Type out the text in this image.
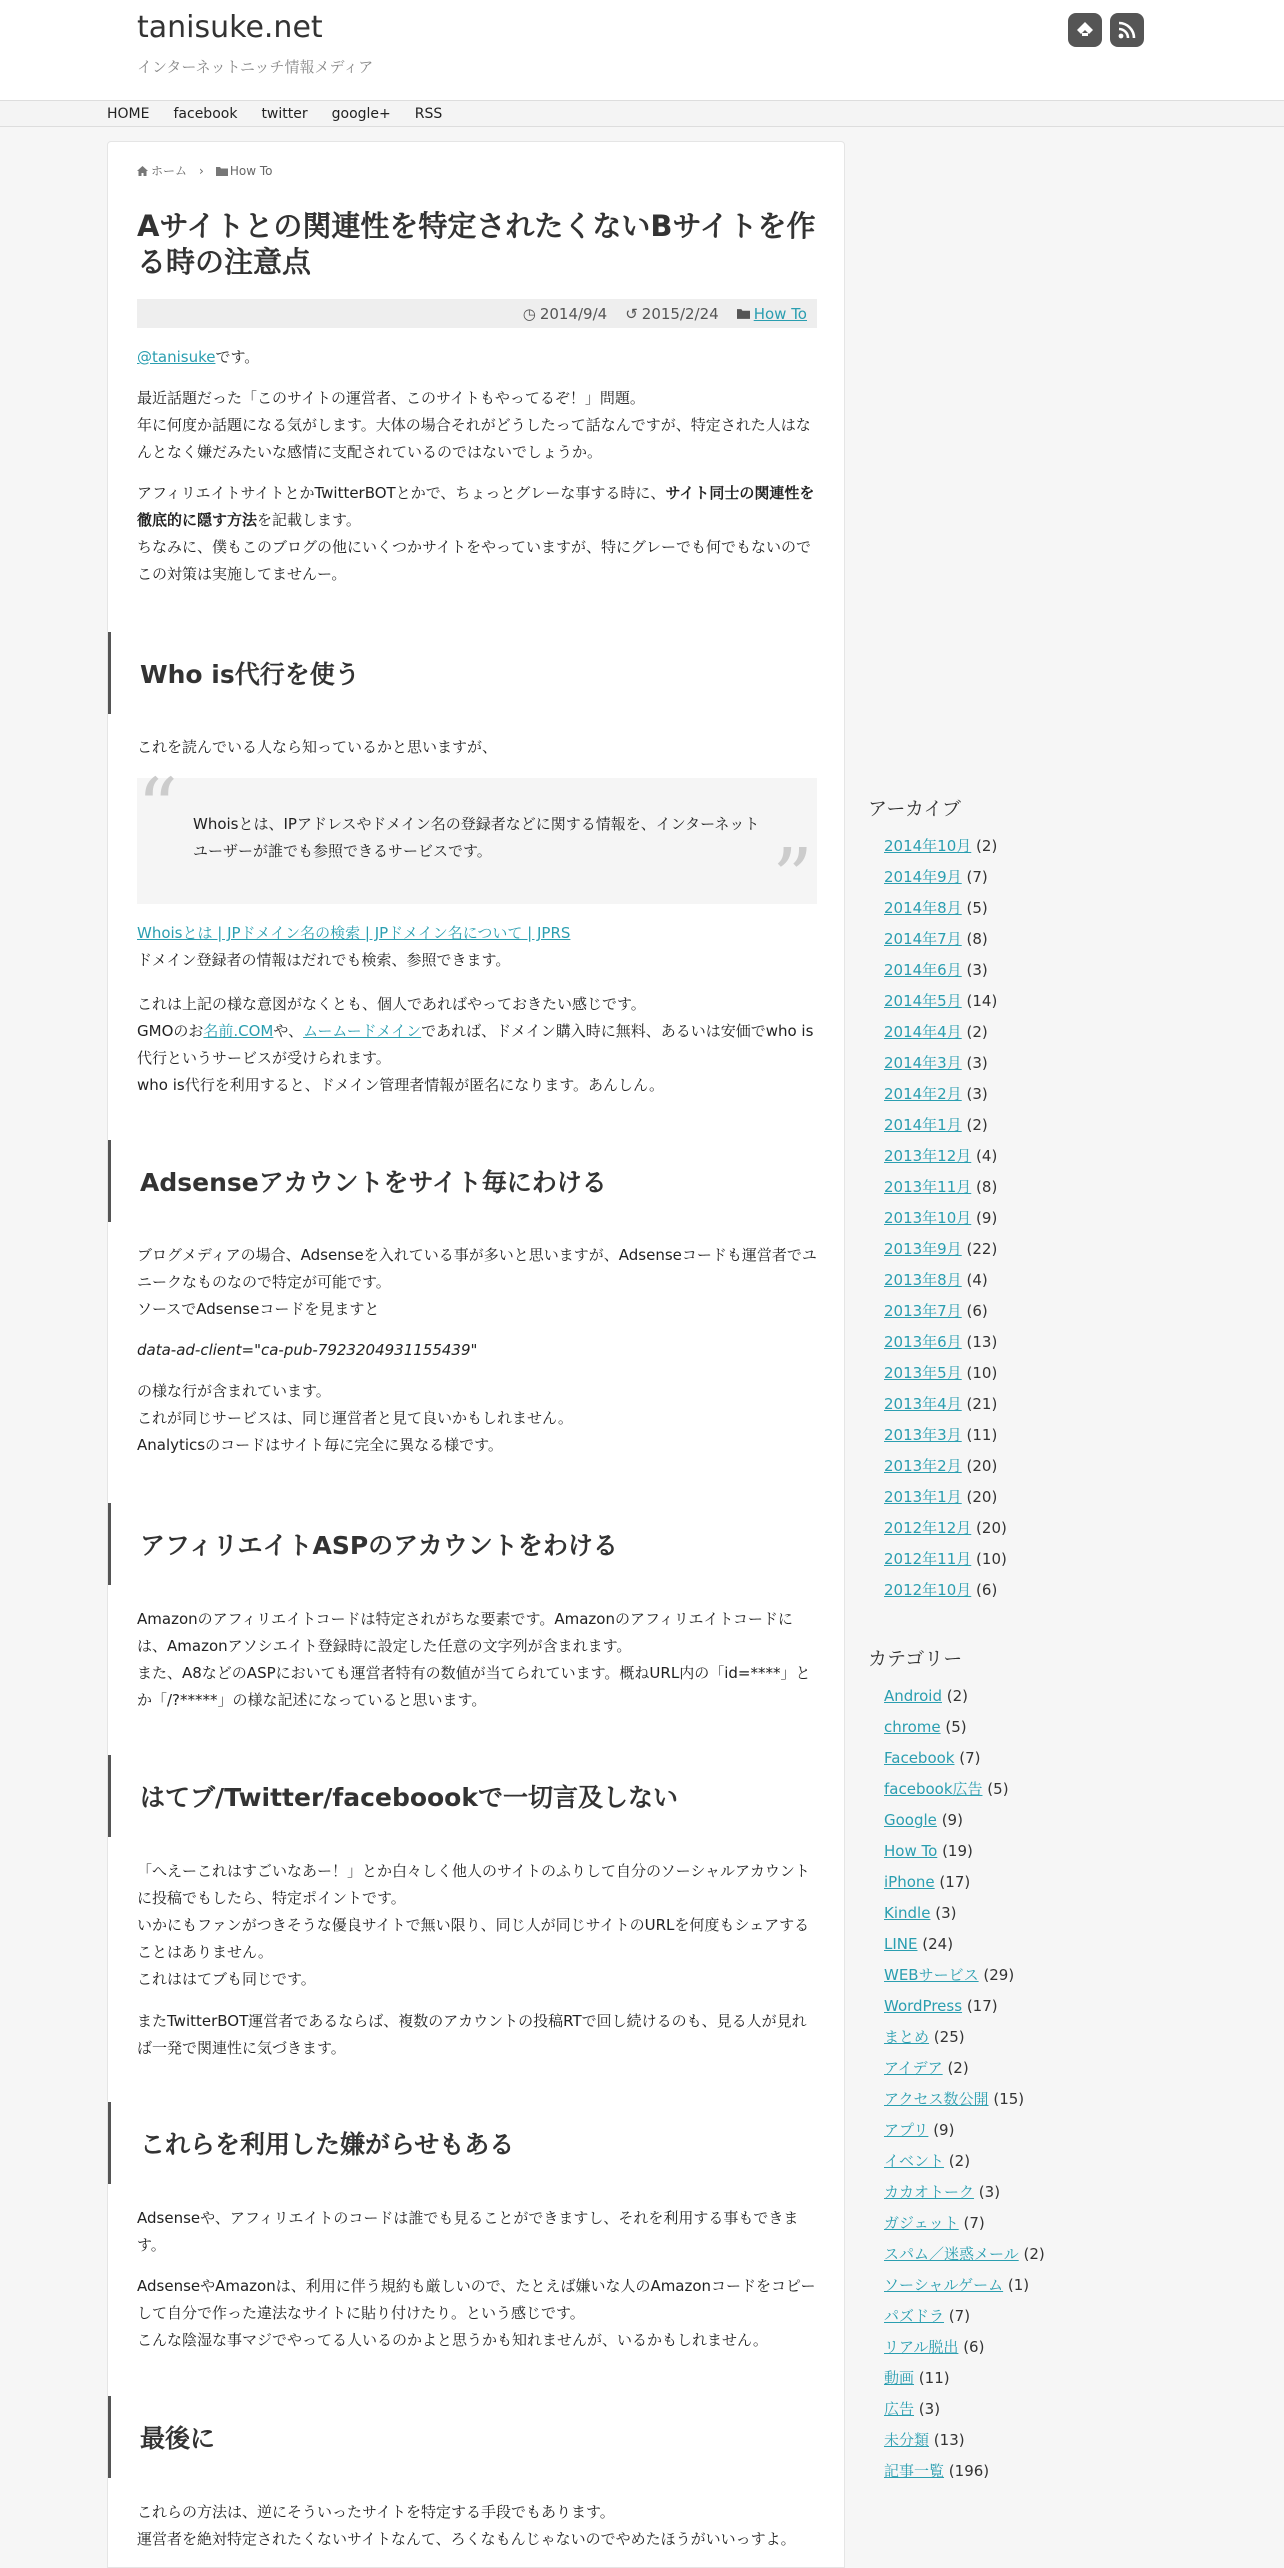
tanisuke.net
インターネットニッチ情報メディア
HOME facebook twitter google+ RSS
ホーム › How To
Aサイトとの関連性を特定されたくないBサイトを作る時の注意点
◷ 2014/9/4 ↺ 2015/2/24 How To

@tanisukeです。

最近話題だった「このサイトの運営者、このサイトもやってるぞ！」問題。
年に何度か話題になる気がします。大体の場合それがどうしたって話なんですが、特定された人はなんとなく嫌だみたいな感情に支配されているのではないでしょうか。

アフィリエイトサイトとかTwitterBOTとかで、ちょっとグレーな事する時に、サイト同士の関連性を徹底的に隠す方法を記載します。
ちなみに、僕もこのブログの他にいくつかサイトをやっていますが、特にグレーでも何でもないのでこの対策は実施してませんー。

Who is代行を使う

これを読んでいる人なら知っているかと思いますが、

“ Whoisとは、IPアドレスやドメイン名の登録者などに関する情報を、インターネットユーザーが誰でも参照できるサービスです。	”

Whoisとは | JPドメイン名の検索 | JPドメイン名について | JPRS
ドメイン登録者の情報はだれでも検索、参照できます。

これは上記の様な意図がなくとも、個人であればやっておきたい感じです。
GMOのお名前.COMや、ムームードメインであれば、ドメイン購入時に無料、あるいは安価でwho is代行というサービスが受けられます。
who is代行を利用すると、ドメイン管理者情報が匿名になります。あんしん。

Adsenseアカウントをサイト毎にわける

ブログメディアの場合、Adsenseを入れている事が多いと思いますが、Adsenseコードも運営者でユニークなものなので特定が可能です。
ソースでAdsenseコードを見ますと

data-ad-client="ca-pub-7923204931155439"

の様な行が含まれています。
これが同じサービスは、同じ運営者と見て良いかもしれません。
Analyticsのコードはサイト毎に完全に異なる様です。

アフィリエイトASPのアカウントをわける

Amazonのアフィリエイトコードは特定されがちな要素です。Amazonのアフィリエイトコードには、Amazonアソシエイト登録時に設定した任意の文字列が含まれます。
また、A8などのASPにおいても運営者特有の数値が当てられています。概ねURL内の「id=****」とか「/?*****」の様な記述になっていると思います。

はてブ/Twitter/faceboookで一切言及しない

「へえーこれはすごいなあー！」とか白々しく他人のサイトのふりして自分のソーシャルアカウントに投稿でもしたら、特定ポイントです。
いかにもファンがつきそうな優良サイトで無い限り、同じ人が同じサイトのURLを何度もシェアすることはありません。
これははてブも同じです。

またTwitterBOT運営者であるならば、複数のアカウントの投稿RTで回し続けるのも、見る人が見れば一発で関連性に気づきます。

これらを利用した嫌がらせもある

Adsenseや、アフィリエイトのコードは誰でも見ることができますし、それを利用する事もできます。

AdsenseやAmazonは、利用に伴う規約も厳しいので、たとえば嫌いな人のAmazonコードをコピーして自分で作った違法なサイトに貼り付けたり。という感じです。
こんな陰湿な事マジでやってる人いるのかよと思うかも知れませんが、いるかもしれません。

最後に

これらの方法は、逆にそういったサイトを特定する手段でもあります。
運営者を絶対特定されたくないサイトなんて、ろくなもんじゃないのでやめたほうがいいっすよ。

アーカイブ
2014年10月 (2)
2014年9月 (7)
2014年8月 (5)
2014年7月 (8)
2014年6月 (3)
2014年5月 (14)
2014年4月 (2)
2014年3月 (3)
2014年2月 (3)
2014年1月 (2)
2013年12月 (4)
2013年11月 (8)
2013年10月 (9)
2013年9月 (22)
2013年8月 (4)
2013年7月 (6)
2013年6月 (13)
2013年5月 (10)
2013年4月 (21)
2013年3月 (11)
2013年2月 (20)
2013年1月 (20)
2012年12月 (20)
2012年11月 (10)
2012年10月 (6)
カテゴリー
Android (2)
chrome (5)
Facebook (7)
facebook広告 (5)
Google (9)
How To (19)
iPhone (17)
Kindle (3)
LINE (24)
WEBサービス (29)
WordPress (17)
まとめ (25)
アイデア (2)
アクセス数公開 (15)
アプリ (9)
イベント (2)
カカオトーク (3)
ガジェット (7)
スパム／迷惑メール (2)
ソーシャルゲーム (1)
パズドラ (7)
リアル脱出 (6)
動画 (11)
広告 (3)
未分類 (13)
記事一覧 (196)
